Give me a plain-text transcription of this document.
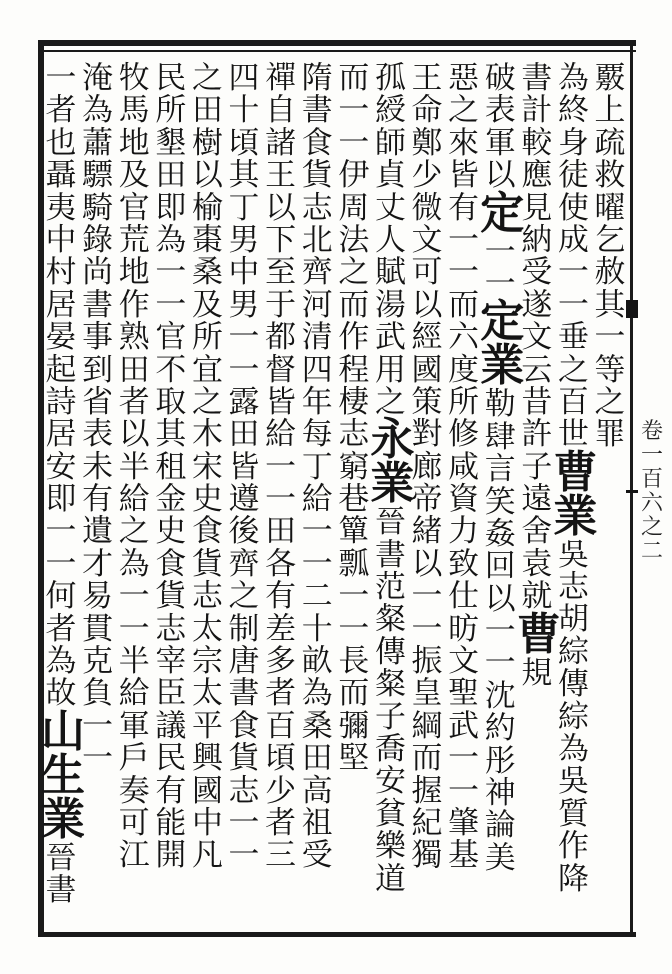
卷
一
百
六
之
二
覈
上
疏
救
曜
乞
赦
其
一
等
之
罪
為
終
身
徒
使
成
一
一
垂
之
百
世
曹
業
吳
志
胡
綜
傳
綜
為
吳
質
作
降
書
計
較
應
見
納
受
遂
文
云
昔
許
子
遠
舍
袁
就
曹
規
破
表
軍
以
定
一
一
定
業
勒
肆
言
笑
姦
回
以
一
一
沈
約
彤
神
論
美
惡
之
來
皆
有
一
一
而
六
度
所
修
咸
資
力
致
仕
昉
文
聖
武
一
一
肇
基
王
命
鄭
少
微
文
可
以
經
國
策
對
廊
帝
緒
以
一
一
振
皇
綱
而
握
紀
獨
孤
綬
師
貞
丈
人
賦
湯
武
用
之
永
業
晉
書
范
粲
傳
粲
子
喬
安
貧
樂
道
而
一
一
伊
周
法
之
而
作
程
棲
志
窮
巷
簞
瓢
一
一
長
而
彌
堅
隋
書
食
貨
志
北
齊
河
清
四
年
每
丁
給
一
一
二
十
畝
為
桑
田
高
祖
受
禪
自
諸
王
以
下
至
于
都
督
皆
給
一
一
田
各
有
差
多
者
百
頃
少
者
三
四
十
頃
其
丁
男
中
男
一
一
露
田
皆
遵
後
齊
之
制
唐
書
食
貨
志
一
一
之
田
樹
以
榆
棗
桑
及
所
宜
之
木
宋
史
食
貨
志
太
宗
太
平
興
國
中
凡
民
所
墾
田
即
為
一
一
官
不
取
其
租
金
史
食
貨
志
宰
臣
議
民
有
能
開
牧
馬
地
及
官
荒
地
作
熟
田
者
以
半
給
之
為
一
一
半
給
軍
戶
奏
可
江
淹
為
蕭
驃
騎
錄
尚
書
事
到
省
表
未
有
遺
才
易
貫
克
負
一
一
一
者
也
聶
夷
中
村
居
晏
起
詩
居
安
即
一
一
何
者
為
故
山
生
業
晉
書
